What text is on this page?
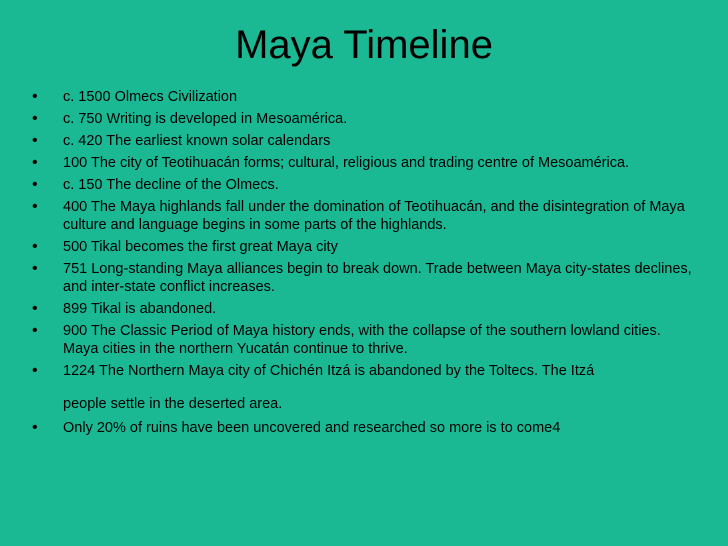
Maya Timeline
• c. 1500 Olmecs Civilization
• c. 750 Writing is developed in Mesoamérica.
• c. 420 The earliest known solar calendars
• 100 The city of Teotihuacán forms; cultural, religious and trading centre of Mesoamérica.
• c. 150 The decline of the Olmecs.
• 400 The Maya highlands fall under the domination of Teotihuacán, and the disintegration of Maya culture and language begins in some parts of the highlands.
• 500 Tikal becomes the first great Maya city
• 751 Long-standing Maya alliances begin to break down. Trade between Maya city-states declines, and inter-state conflict increases.
• 899 Tikal is abandoned.
• 900 The Classic Period of Maya history ends, with the collapse of the southern lowland cities. Maya cities in the northern Yucatán continue to thrive.
• 1224 The Northern Maya city of Chichén Itzá is abandoned by the Toltecs. The Itzá
people settle in the deserted area.
• Only 20% of ruins have been uncovered and researched so more is to come4
